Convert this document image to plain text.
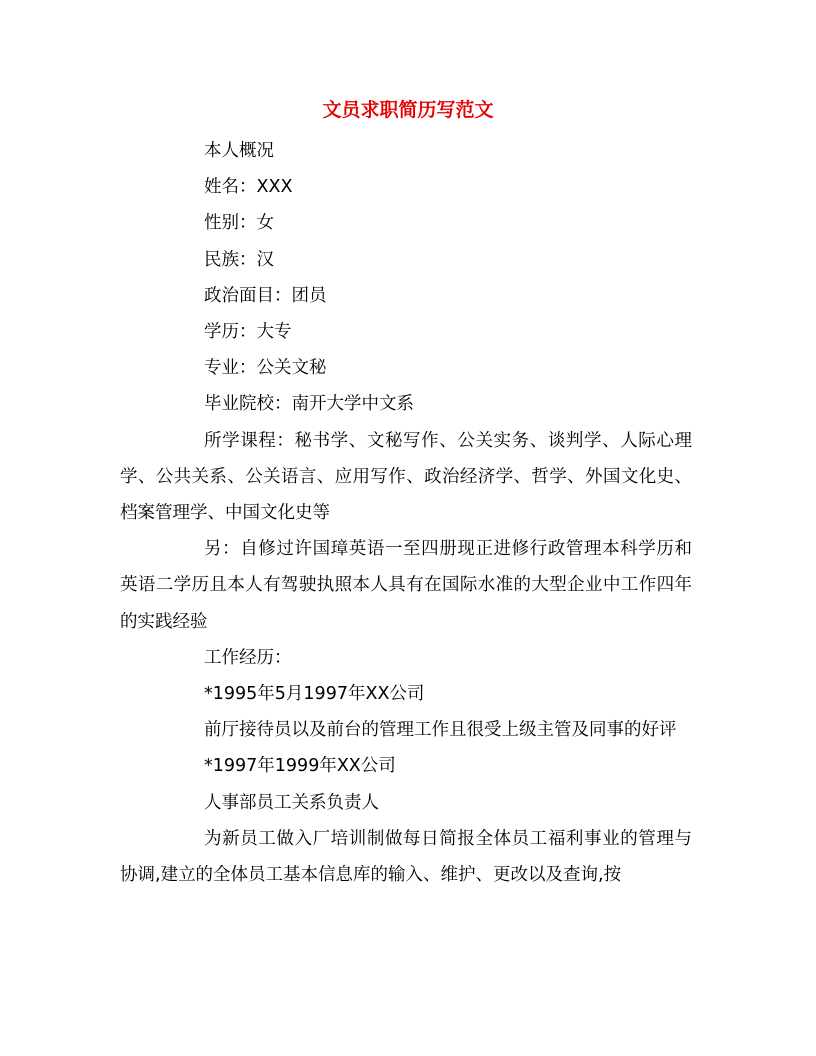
文员求职简历写范文

本人概况

姓名：XXX

性别：女

民族：汉

政治面目：团员

学历：大专

专业：公关文秘

毕业院校：南开大学中文系

所学课程：秘书学、文秘写作、公关实务、谈判学、人际心理学、公共关系、公关语言、应用写作、政治经济学、哲学、外国文化史、档案管理学、中国文化史等

另：自修过许国璋英语一至四册现正进修行政管理本科学历和英语二学历且本人有驾驶执照本人具有在国际水准的大型企业中工作四年的实践经验

工作经历：

*1995年5月1997年XX公司

前厅接待员以及前台的管理工作且很受上级主管及同事的好评

*1997年1999年XX公司

人事部员工关系负责人

为新员工做入厂培训制做每日简报全体员工福利事业的管理与协调,建立的全体员工基本信息库的输入、维护、更改以及查询,按
